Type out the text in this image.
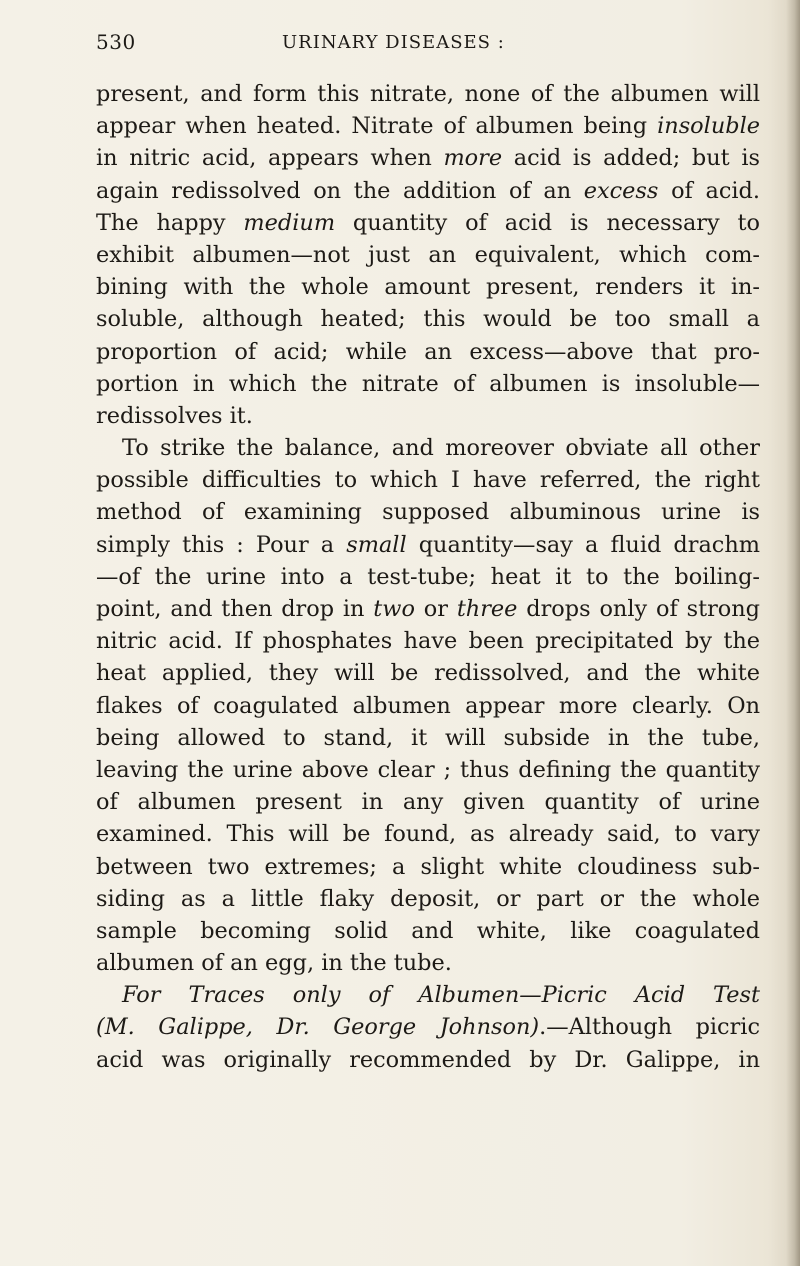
530	URINARY DISEASES :
present, and form this nitrate, none of the albumen will
appear when heated. Nitrate of albumen being insoluble
in nitric acid, appears when more acid is added; but is
again redissolved on the addition of an excess of acid.
The happy medium quantity of acid is necessary to
exhibit albumen—not just an equivalent, which com-
bining with the whole amount present, renders it in-
soluble, although heated; this would be too small a
proportion of acid; while an excess—above that pro-
portion in which the nitrate of albumen is insoluble—
redissolves it.
To strike the balance, and moreover obviate all other
possible difficulties to which I have referred, the right
method of examining supposed albuminous urine is
simply this : Pour a small quantity—say a fluid drachm
—of the urine into a test-tube; heat it to the boiling-
point, and then drop in two or three drops only of strong
nitric acid. If phosphates have been precipitated by the
heat applied, they will be redissolved, and the white
flakes of coagulated albumen appear more clearly. On
being allowed to stand, it will subside in the tube,
leaving the urine above clear ; thus defining the quantity
of albumen present in any given quantity of urine
examined. This will be found, as already said, to vary
between two extremes; a slight white cloudiness sub-
siding as a little flaky deposit, or part or the whole
sample becoming solid and white, like coagulated
albumen of an egg, in the tube.
For Traces only of Albumen—Picric Acid Test
(M. Galippe, Dr. George Johnson).—Although picric
acid was originally recommended by Dr. Galippe, in
